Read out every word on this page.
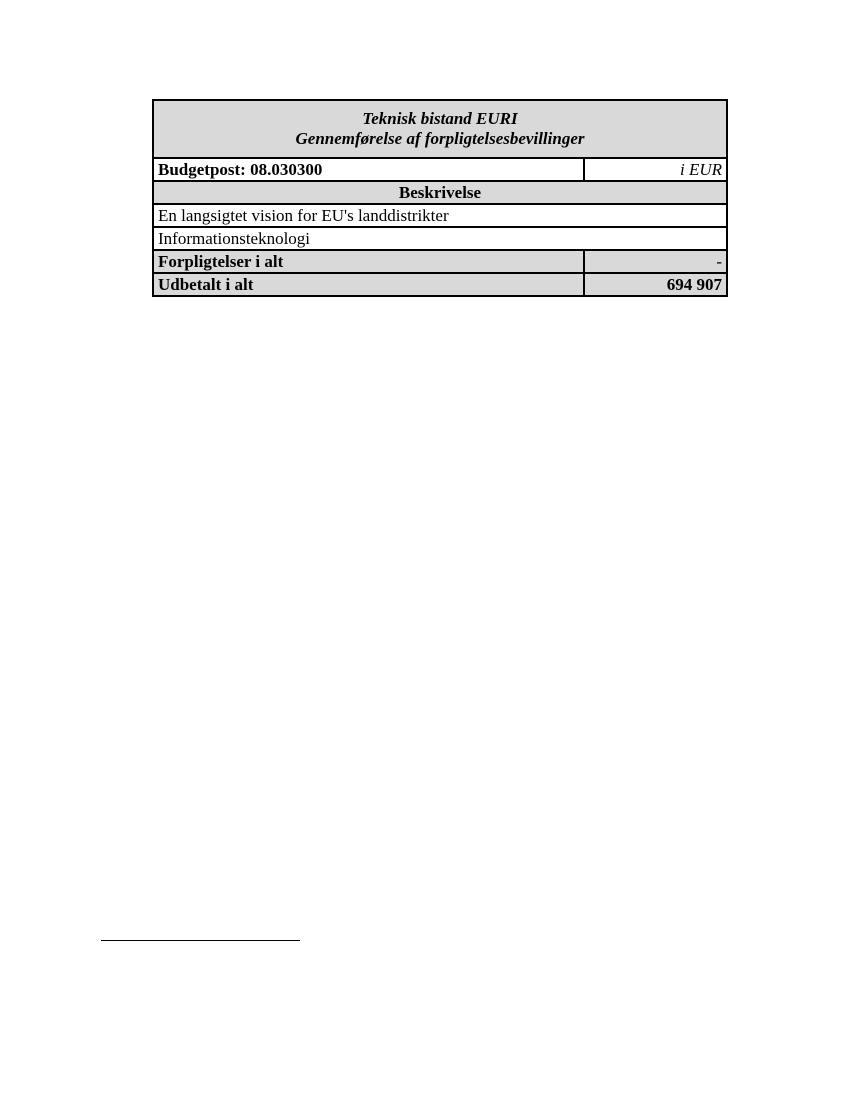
Teknisk bistand EURI
Gennemførelse af forpligtelsesbevillinger	

Budgetpost: 08.030300	i EUR
Beskrivelse	
En langsigtet vision for EU's landdistrikter	
Informationsteknologi	
Forpligtelser i alt	-
Udbetalt i alt	694 907
